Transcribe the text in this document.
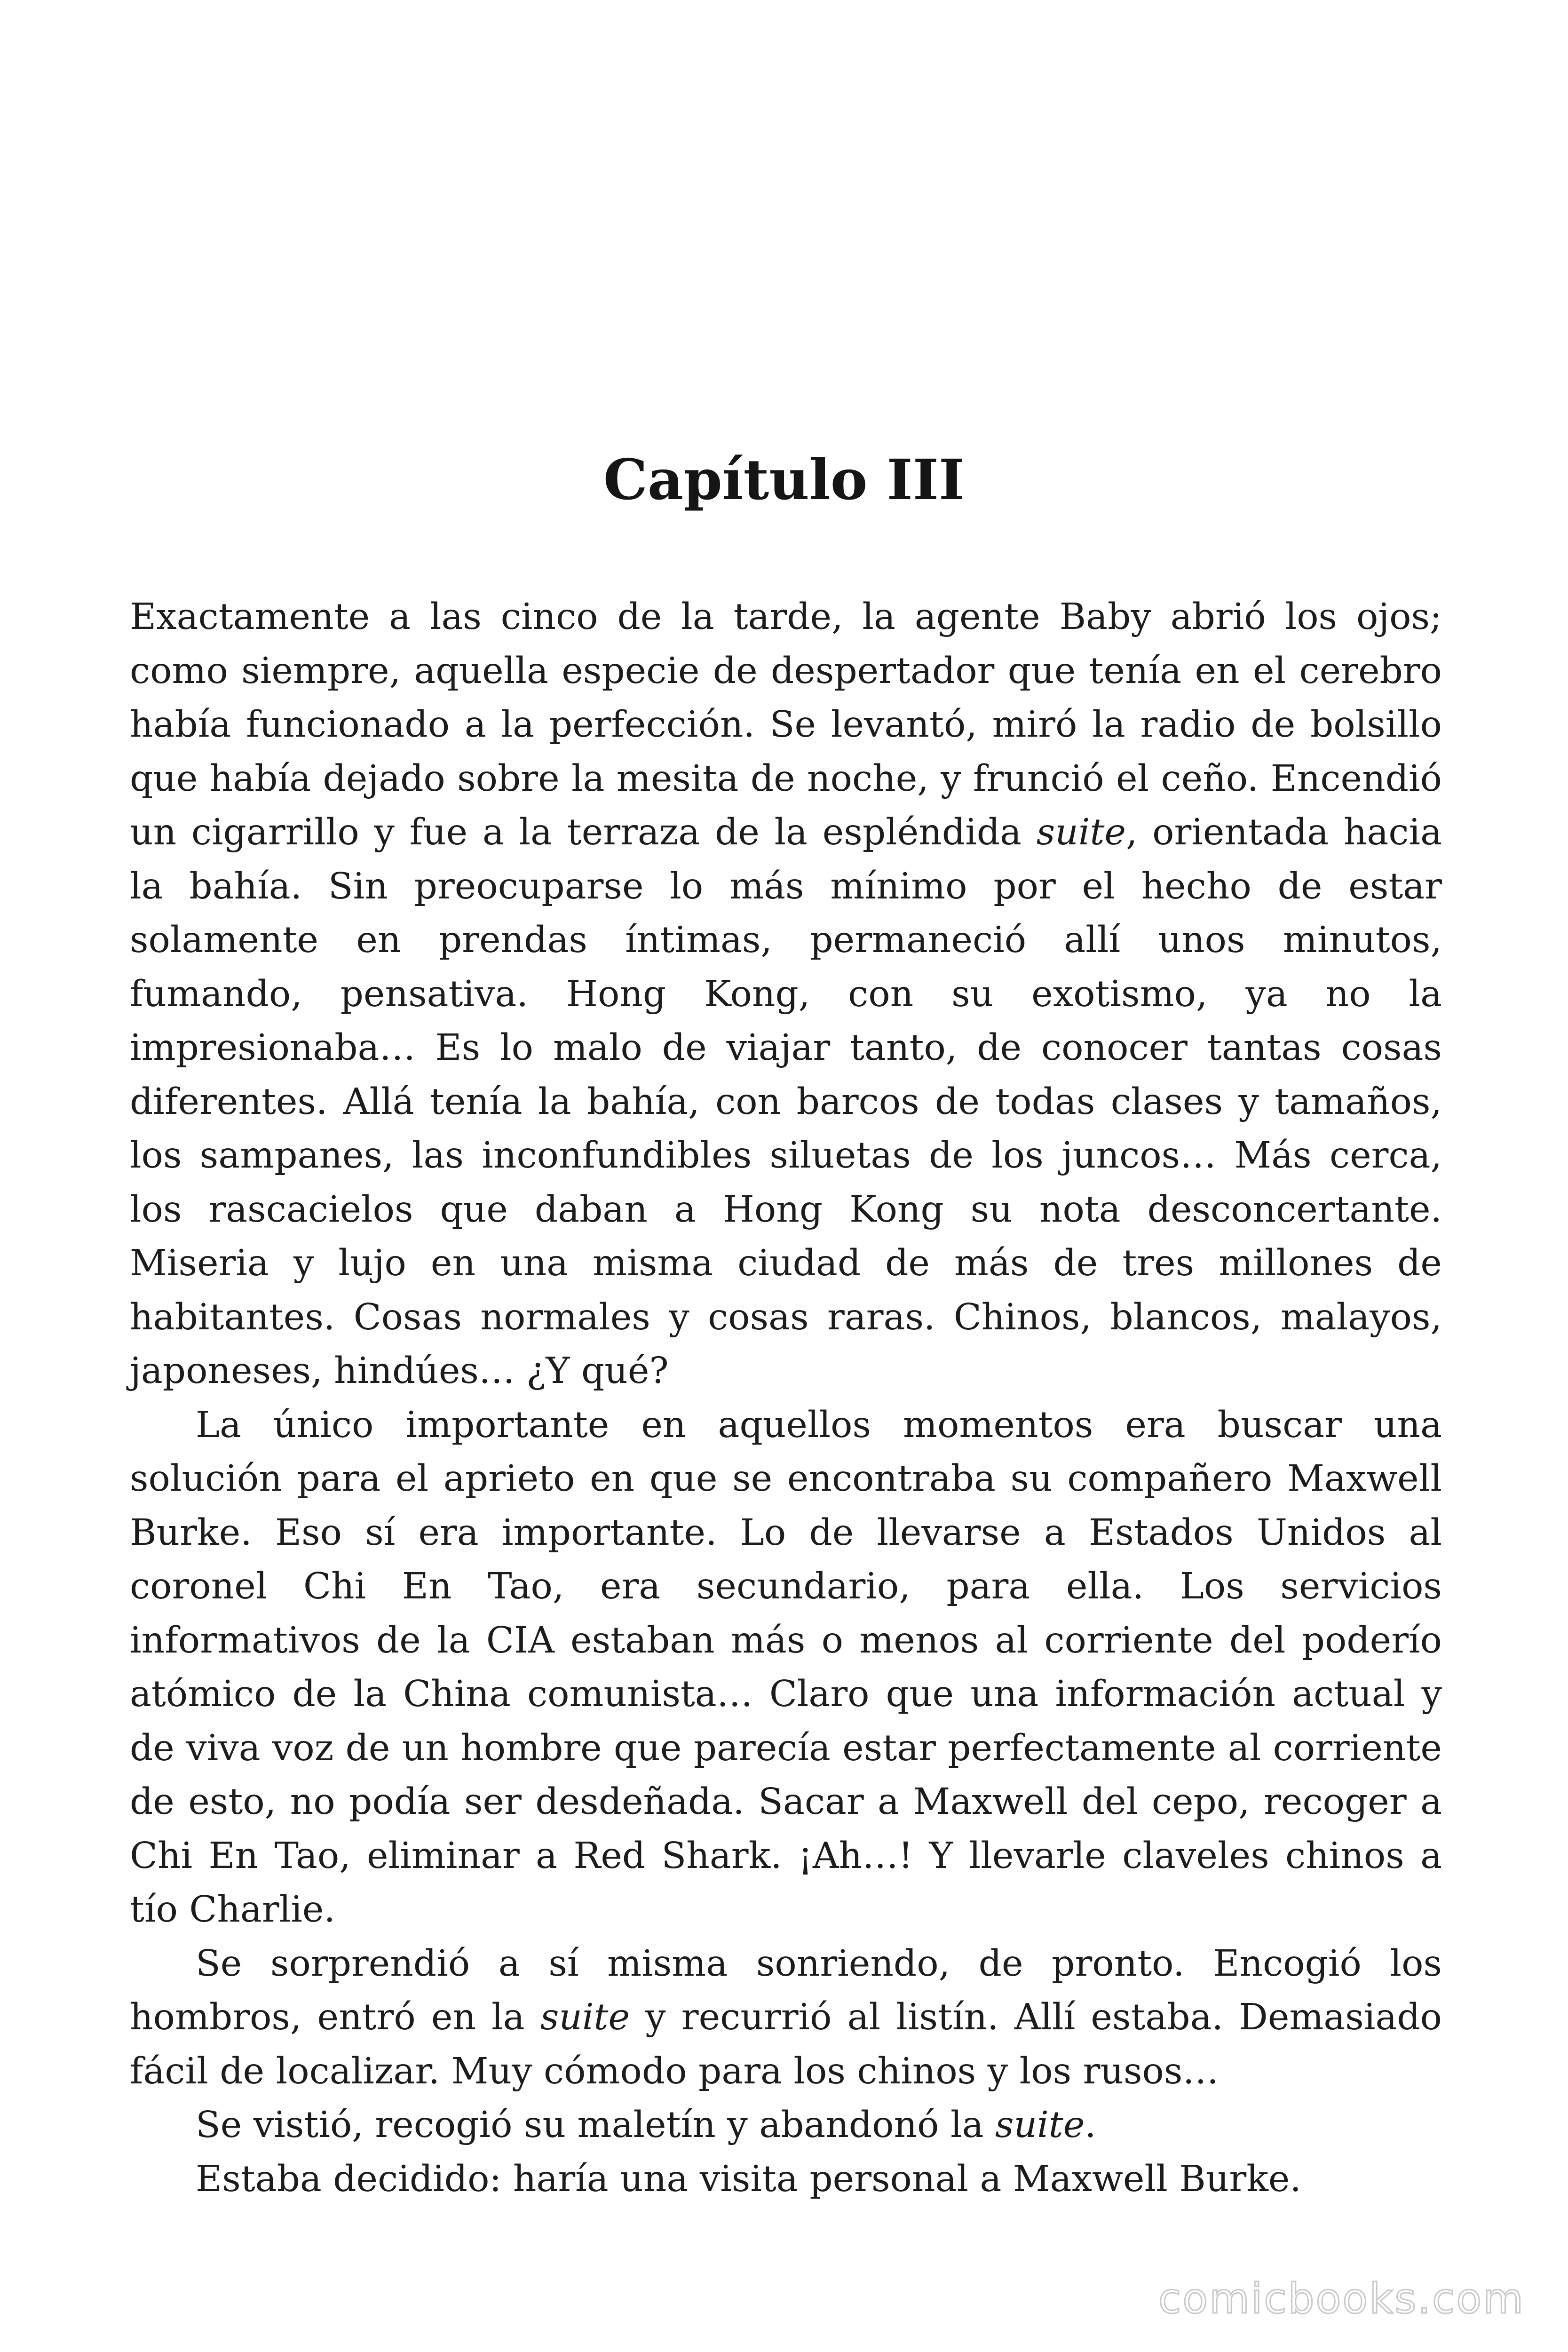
Capítulo III

Exactamente a las cinco de la tarde, la agente Baby abrió los ojos; como siempre, aquella especie de despertador que tenía en el cerebro había funcionado a la perfección. Se levantó, miró la radio de bolsillo que había dejado sobre la mesita de noche, y frunció el ceño. Encendió un cigarrillo y fue a la terraza de la espléndida suite, orientada hacia la bahía. Sin preocuparse lo más mínimo por el hecho de estar solamente en prendas íntimas, permaneció allí unos minutos, fumando, pensativa. Hong Kong, con su exotismo, ya no la impresionaba… Es lo malo de viajar tanto, de conocer tantas cosas diferentes. Allá tenía la bahía, con barcos de todas clases y tamaños, los sampanes, las inconfundibles siluetas de los juncos… Más cerca, los rascacielos que daban a Hong Kong su nota desconcertante. Miseria y lujo en una misma ciudad de más de tres millones de habitantes. Cosas normales y cosas raras. Chinos, blancos, malayos, japoneses, hindúes… ¿Y qué?

La único importante en aquellos momentos era buscar una solución para el aprieto en que se encontraba su compañero Maxwell Burke. Eso sí era importante. Lo de llevarse a Estados Unidos al coronel Chi En Tao, era secundario, para ella. Los servicios informativos de la CIA estaban más o menos al corriente del poderío atómico de la China comunista… Claro que una información actual y de viva voz de un hombre que parecía estar perfectamente al corriente de esto, no podía ser desdeñada. Sacar a Maxwell del cepo, recoger a Chi En Tao, eliminar a Red Shark. ¡Ah…! Y llevarle claveles chinos a tío Charlie.

Se sorprendió a sí misma sonriendo, de pronto. Encogió los hombros, entró en la suite y recurrió al listín. Allí estaba. Demasiado fácil de localizar. Muy cómodo para los chinos y los rusos…

Se vistió, recogió su maletín y abandonó la suite.

Estaba decidido: haría una visita personal a Maxwell Burke.

comicbooks.com
